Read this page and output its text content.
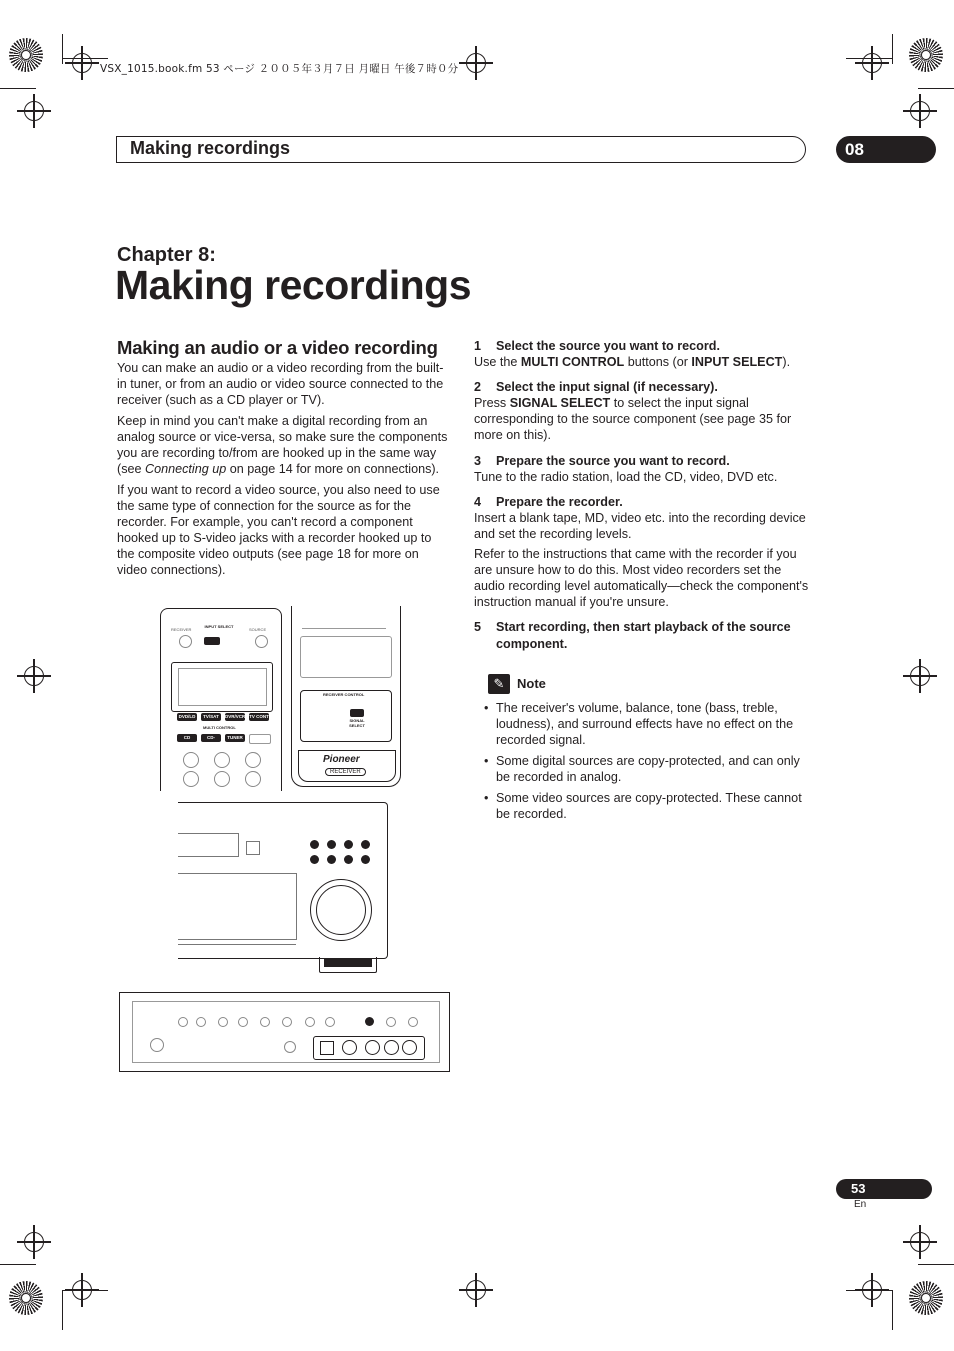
VSX_1015.book.fm 53 ページ ２００５年３月７日 月曜日 午後７時０分
Making recordings	08
Chapter 8:
Making recordings
Making an audio or a video recording

You can make an audio or a video recording from the built-in tuner, or from an audio or video source connected to the receiver (such as a CD player or TV).

Keep in mind you can't make a digital recording from an analog source or vice-versa, so make sure the components you are recording to/from are hooked up in the same way (see Connecting up on page 14 for more on connections).

If you want to record a video source, you also need to use the same type of connection for the source as for the recorder. For example, you can't record a component hooked up to S-video jacks with a recorder hooked up to the composite video outputs (see page 18 for more on video connections).

1 Select the source you want to record.
Use the MULTI CONTROL buttons (or INPUT SELECT).
2 Select the input signal (if necessary).
Press SIGNAL SELECT to select the input signal corresponding to the source component (see page 35 for more on this).
3 Prepare the source you want to record.
Tune to the radio station, load the CD, video, DVD etc.
4 Prepare the recorder.
Insert a blank tape, MD, video etc. into the recording device and set the recording levels.
Refer to the instructions that came with the recorder if you are unsure how to do this. Most video recorders set the audio recording level automatically—check the component's instruction manual if you're unsure.
5 Start recording, then start playback of the source component.
✎ Note
• The receiver's volume, balance, tone (bass, treble, loudness), and surround effects have no effect on the recorded signal.
• Some digital sources are copy-protected, and can only be recorded in analog.
• Some video sources are copy-protected. These cannot be recorded.
RECEIVER
INPUT SELECT
SOURCE
DVD/LD	TV/SAT	DVR/VCR TV CONT
MULTI CONTROL
CD	CD-R/TAPE
TUNER
RECEIVER CONTROL
SIGNAL SELECT
Pioneer
RECEIVER
53
En
